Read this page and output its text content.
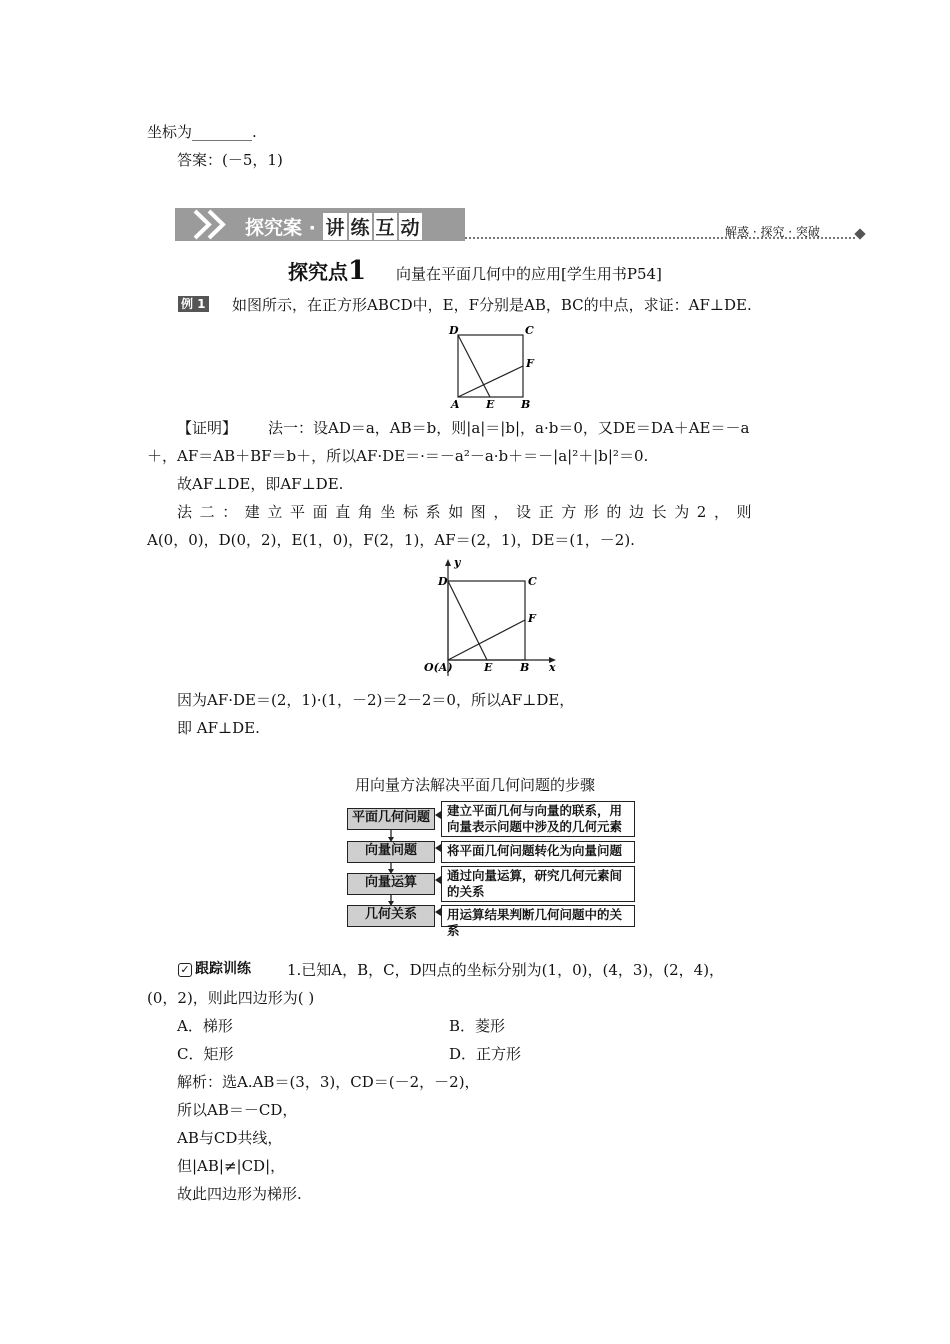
坐标为________.
答案：(－5，1)
探究案 · 讲 练 互 动	解惑 · 探究 · 突破
探究点1 向量在平面几何中的应用[学生用书P54]
例 1 如图所示，在正方形ABCD中，E，F分别是AB，BC的中点，求证：AF⊥DE.
D	C
F
A E B
【证明】 法一：设AD＝a，AB＝b，则|a|＝|b|，a·b＝0，又DE＝DA＋AE＝－a
＋，AF＝AB＋BF＝b＋，所以AF·DE＝·＝－a²－a·b＋＝－|a|²＋|b|²＝0.
故AF⊥DE，即AF⊥DE.
法二：建立平面直角坐标系如图，设正方形的边长为2，则
A(0，0)，D(0，2)，E(1，0)，F(2，1)，AF＝(2，1)，DE＝(1，－2).
y
D	C
F
O(A)	E	B x
因为AF·DE＝(2，1)·(1，－2)＝2－2＝0，所以AF⊥DE，
即 AF⊥DE.
用向量方法解决平面几何问题的步骤
平面几何问题	建立平面几何与向量的联系，用向量表示问题中涉及的几何元素
向量问题	将平面几何问题转化为向量问题
向量运算	通过向量运算，研究几何元素间的关系
几何关系	用运算结果判断几何问题中的关系
✓ 跟踪训练 1.已知A，B，C，D四点的坐标分别为(1，0)，(4，3)，(2，4)，
(0，2)，则此四边形为( )
A．梯形	B．菱形
C．矩形	D．正方形
解析：选A.AB＝(3，3)，CD＝(－2，－2)，
所以AB＝－CD，
AB与CD共线，
但|AB|≠|CD|，
故此四边形为梯形.
